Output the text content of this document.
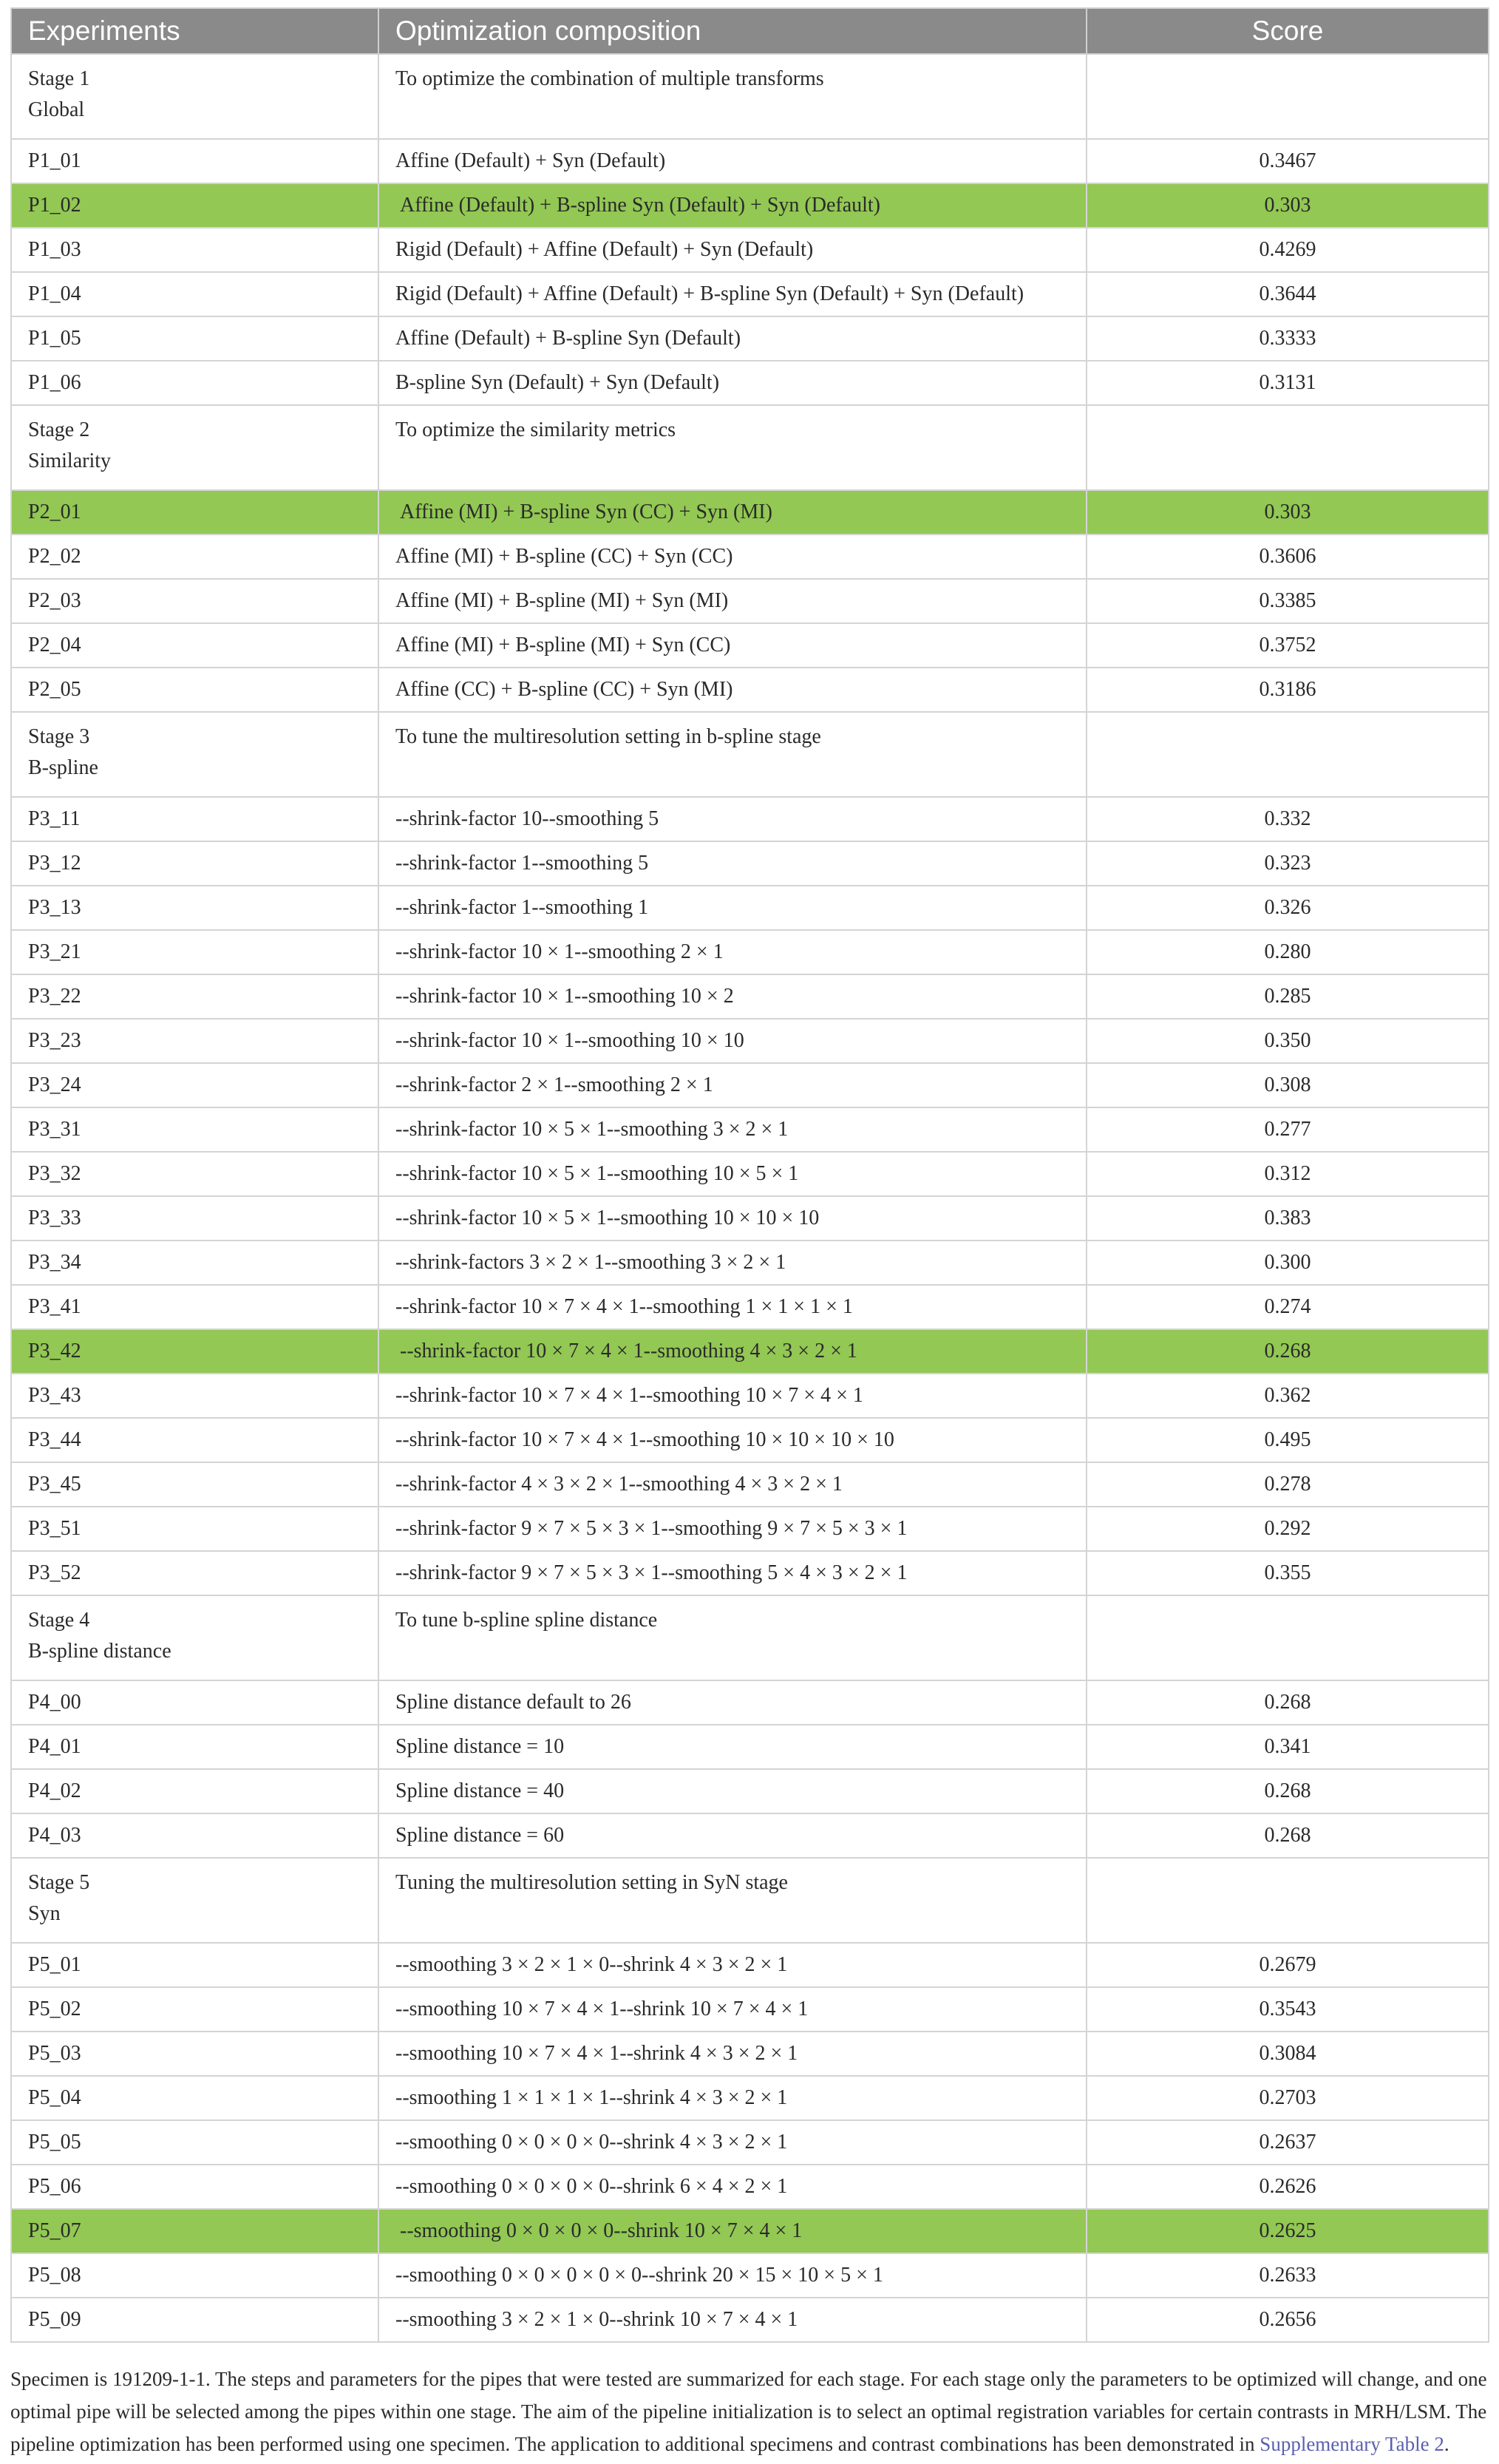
Experiments	Optimization composition	Score

Stage 1
Global	To optimize the combination of multiple transforms	
P1_01	Affine (Default) + Syn (Default)	0.3467
P1_02	Affine (Default) + B-spline Syn (Default) + Syn (Default)	0.303
P1_03	Rigid (Default) + Affine (Default) + Syn (Default)	0.4269
P1_04	Rigid (Default) + Affine (Default) + B-spline Syn (Default) + Syn (Default)	0.3644
P1_05	Affine (Default) + B-spline Syn (Default)	0.3333
P1_06	B-spline Syn (Default) + Syn (Default)	0.3131

Stage 2
Similarity	To optimize the similarity metrics	
P2_01	Affine (MI) + B-spline Syn (CC) + Syn (MI)	0.303
P2_02	Affine (MI) + B-spline (CC) + Syn (CC)	0.3606
P2_03	Affine (MI) + B-spline (MI) + Syn (MI)	0.3385
P2_04	Affine (MI) + B-spline (MI) + Syn (CC)	0.3752
P2_05	Affine (CC) + B-spline (CC) + Syn (MI)	0.3186

Stage 3
B-spline	To tune the multiresolution setting in b-spline stage	
P3_11	--shrink-factor 10--smoothing 5	0.332
P3_12	--shrink-factor 1--smoothing 5	0.323
P3_13	--shrink-factor 1--smoothing 1	0.326
P3_21	--shrink-factor 10 × 1--smoothing 2 × 1	0.280
P3_22	--shrink-factor 10 × 1--smoothing 10 × 2	0.285
P3_23	--shrink-factor 10 × 1--smoothing 10 × 10	0.350
P3_24	--shrink-factor 2 × 1--smoothing 2 × 1	0.308
P3_31	--shrink-factor 10 × 5 × 1--smoothing 3 × 2 × 1	0.277
P3_32	--shrink-factor 10 × 5 × 1--smoothing 10 × 5 × 1	0.312
P3_33	--shrink-factor 10 × 5 × 1--smoothing 10 × 10 × 10	0.383
P3_34	--shrink-factors 3 × 2 × 1--smoothing 3 × 2 × 1	0.300
P3_41	--shrink-factor 10 × 7 × 4 × 1--smoothing 1 × 1 × 1 × 1	0.274
P3_42	--shrink-factor 10 × 7 × 4 × 1--smoothing 4 × 3 × 2 × 1	0.268
P3_43	--shrink-factor 10 × 7 × 4 × 1--smoothing 10 × 7 × 4 × 1	0.362
P3_44	--shrink-factor 10 × 7 × 4 × 1--smoothing 10 × 10 × 10 × 10	0.495
P3_45	--shrink-factor 4 × 3 × 2 × 1--smoothing 4 × 3 × 2 × 1	0.278
P3_51	--shrink-factor 9 × 7 × 5 × 3 × 1--smoothing 9 × 7 × 5 × 3 × 1	0.292
P3_52	--shrink-factor 9 × 7 × 5 × 3 × 1--smoothing 5 × 4 × 3 × 2 × 1	0.355

Stage 4
B-spline distance	To tune b-spline spline distance	
P4_00	Spline distance default to 26	0.268
P4_01	Spline distance = 10	0.341
P4_02	Spline distance = 40	0.268
P4_03	Spline distance = 60	0.268

Stage 5
Syn	Tuning the multiresolution setting in SyN stage	
P5_01	--smoothing 3 × 2 × 1 × 0--shrink 4 × 3 × 2 × 1	0.2679
P5_02	--smoothing 10 × 7 × 4 × 1--shrink 10 × 7 × 4 × 1	0.3543
P5_03	--smoothing 10 × 7 × 4 × 1--shrink 4 × 3 × 2 × 1	0.3084
P5_04	--smoothing 1 × 1 × 1 × 1--shrink 4 × 3 × 2 × 1	0.2703
P5_05	--smoothing 0 × 0 × 0 × 0--shrink 4 × 3 × 2 × 1	0.2637
P5_06	--smoothing 0 × 0 × 0 × 0--shrink 6 × 4 × 2 × 1	0.2626
P5_07	--smoothing 0 × 0 × 0 × 0--shrink 10 × 7 × 4 × 1	0.2625
P5_08	--smoothing 0 × 0 × 0 × 0 × 0--shrink 20 × 15 × 10 × 5 × 1	0.2633
P5_09	--smoothing 3 × 2 × 1 × 0--shrink 10 × 7 × 4 × 1	0.2656
Specimen is 191209-1-1. The steps and parameters for the pipes that were tested are summarized for each stage. For each stage only the parameters to be optimized will change, and one optimal pipe will be selected among the pipes within one stage. The aim of the pipeline initialization is to select an optimal registration variables for certain contrasts in MRH/LSM. The pipeline optimization has been performed using one specimen. The application to additional specimens and contrast combinations has been demonstrated in Supplementary Table 2.
